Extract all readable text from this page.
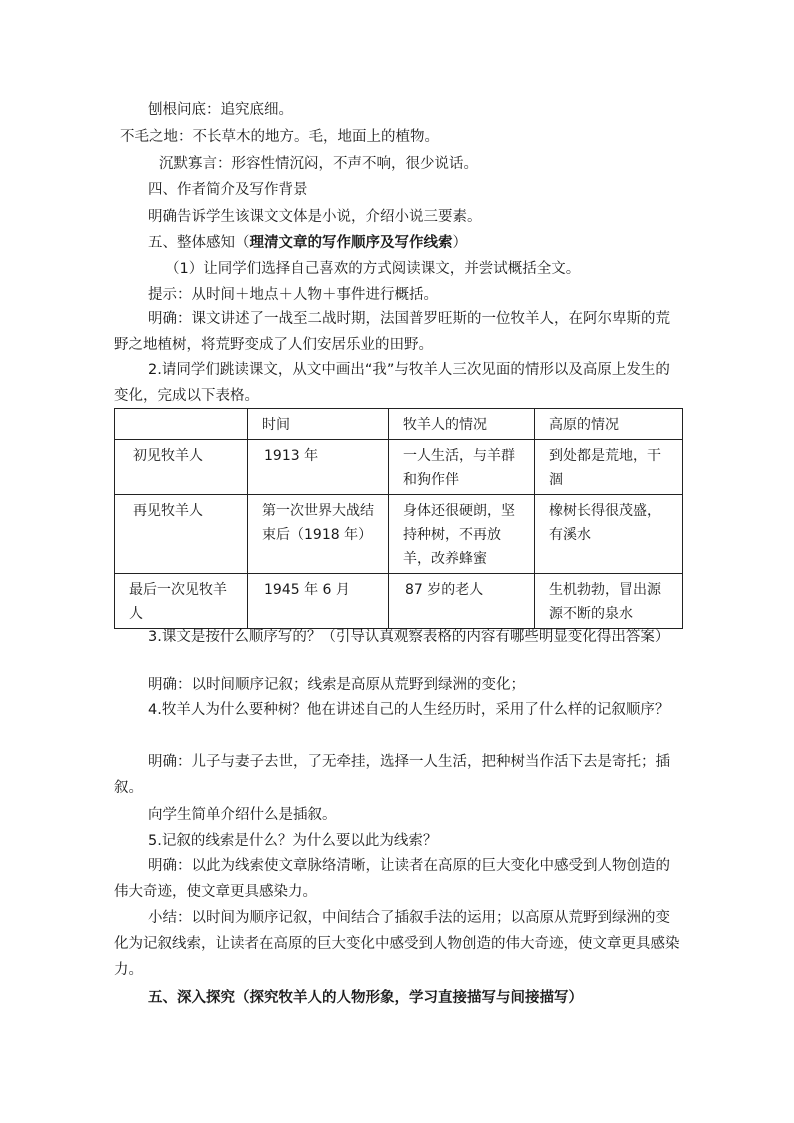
刨根问底：追究底细。
不毛之地：不长草木的地方。毛，地面上的植物。
沉默寡言：形容性情沉闷，不声不响，很少说话。
四、作者简介及写作背景
明确告诉学生该课文文体是小说，介绍小说三要素。
五、整体感知（理清文章的写作顺序及写作线索）
（1）让同学们选择自己喜欢的方式阅读课文，并尝试概括全文。
提示：从时间＋地点＋人物＋事件进行概括。
明确：课文讲述了一战至二战时期，法国普罗旺斯的一位牧羊人，在阿尔卑斯的荒野之地植树，将荒野变成了人们安居乐业的田野。
2.请同学们跳读课文，从文中画出“我”与牧羊人三次见面的情形以及高原上发生的变化，完成以下表格。
	时间	牧羊人的情况	高原的情况
初见牧羊人	1913 年	一人生活，与羊群和狗作伴	到处都是荒地，干涸
再见牧羊人	第一次世界大战结束后（1918 年）	身体还很硬朗，坚持种树，不再放羊，改养蜂蜜	橡树长得很茂盛，有溪水
最后一次见牧羊人	1945 年 6 月	87 岁的老人	生机勃勃，冒出源源不断的泉水
3.课文是按什么顺序写的？（引导认真观察表格的内容有哪些明显变化得出答案）
明确：以时间顺序记叙；线索是高原从荒野到绿洲的变化；
4.牧羊人为什么要种树？他在讲述自己的人生经历时，采用了什么样的记叙顺序？
明确：儿子与妻子去世，了无牵挂，选择一人生活，把种树当作活下去是寄托；插叙。
向学生简单介绍什么是插叙。
5.记叙的线索是什么？为什么要以此为线索？
明确：以此为线索使文章脉络清晰，让读者在高原的巨大变化中感受到人物创造的伟大奇迹，使文章更具感染力。
小结：以时间为顺序记叙，中间结合了插叙手法的运用；以高原从荒野到绿洲的变化为记叙线索，让读者在高原的巨大变化中感受到人物创造的伟大奇迹，使文章更具感染力。
五、深入探究（探究牧羊人的人物形象，学习直接描写与间接描写）
